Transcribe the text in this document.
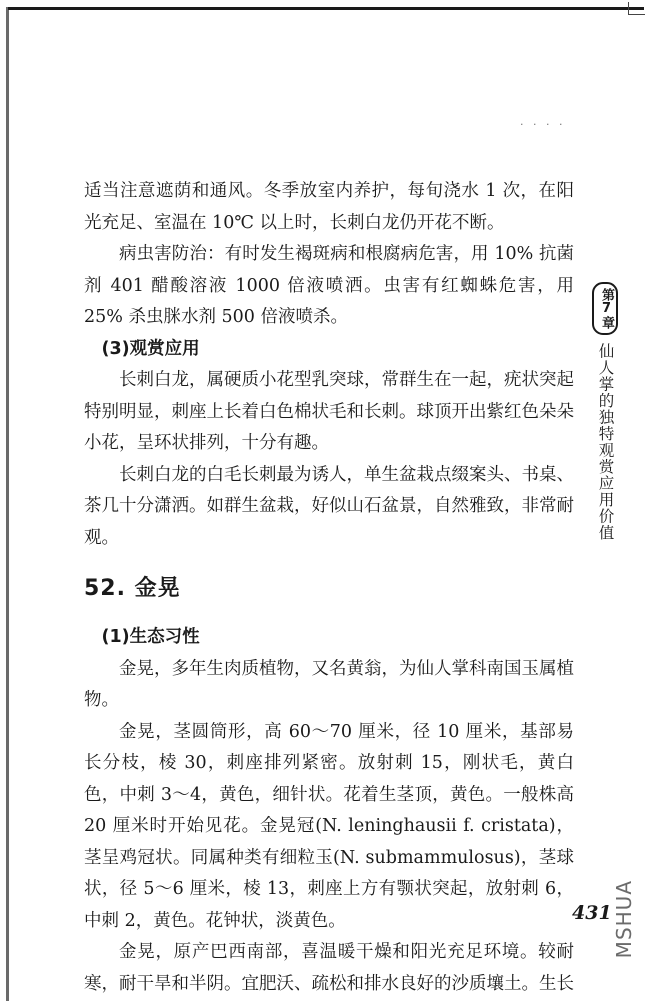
· · · ·

适当注意遮荫和通风。冬季放室内养护，每旬浇水 1 次，在阳光充足、室温在 10℃ 以上时，长刺白龙仍开花不断。

病虫害防治：有时发生褐斑病和根腐病危害，用 10% 抗菌剂 401 醋酸溶液 1000 倍液喷洒。虫害有红蜘蛛危害，用 25% 杀虫脒水剂 500 倍液喷杀。

(3)观赏应用

长刺白龙，属硬质小花型乳突球，常群生在一起，疣状突起特别明显，刺座上长着白色棉状毛和长刺。球顶开出紫红色朵朵小花，呈环状排列，十分有趣。

长刺白龙的白毛长刺最为诱人，单生盆栽点缀案头、书桌、茶几十分潇洒。如群生盆栽，好似山石盆景，自然雅致，非常耐观。

52. 金晃

(1)生态习性

金晃，多年生肉质植物，又名黄翁，为仙人掌科南国玉属植物。

金晃，茎圆筒形，高 60～70 厘米，径 10 厘米，基部易长分枝，棱 30，刺座排列紧密。放射刺 15，刚状毛，黄白色，中刺 3～4，黄色，细针状。花着生茎顶，黄色。一般株高 20 厘米时开始见花。金晃冠(N. leninghausii f. cristata)，茎呈鸡冠状。同属种类有细粒玉(N. submammulosus)，茎球状，径 5～6 厘米，棱 13，刺座上方有颚状突起，放射刺 6，中刺 2，黄色。花钟状，淡黄色。

金晃，原产巴西南部，喜温暖干燥和阳光充足环境。较耐寒，耐干旱和半阴。宜肥沃、疏松和排水良好的沙质壤土。生长

第7章
仙人掌的独特观赏应用价值
431 MSHUA
